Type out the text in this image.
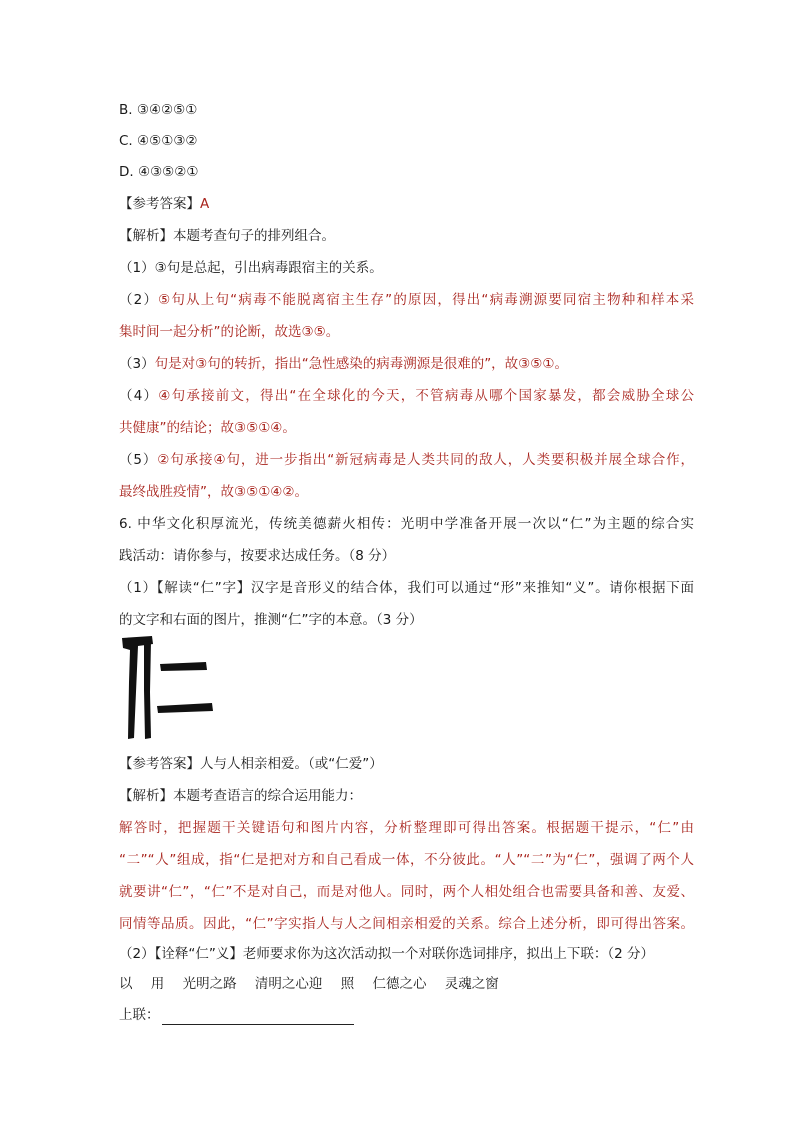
B. ③④②⑤①
C. ④⑤①③②
D. ④③⑤②①
【参考答案】A
【解析】本题考查句子的排列组合。
（1）③句是总起，引出病毒跟宿主的关系。
（2）⑤句从上句“病毒不能脱离宿主生存”的原因，得出“病毒溯源要同宿主物种和样本采
集时间一起分析”的论断，故选③⑤。
（3）句是对③句的转折，指出“急性感染的病毒溯源是很难的”，故③⑤①。
（4）④句承接前文，得出“在全球化的今天，不管病毒从哪个国家暴发，都会威胁全球公
共健康”的结论；故③⑤①④。
（5）②句承接④句，进一步指出“新冠病毒是人类共同的敌人，人类要积极并展全球合作，
最终战胜疫情”，故③⑤①④②。
6. 中华文化积厚流光，传统美德薪火相传：光明中学准备开展一次以“仁”为主题的综合实
践活动：请你参与，按要求达成任务。（8 分）
（1）【解读“仁”字】汉字是音形义的结合体，我们可以通过“形”来推知“义”。请你根据下面
的文字和右面的图片，推测“仁”字的本意。（3 分）
【参考答案】人与人相亲相爱。（或“仁爱”）
【解析】本题考查语言的综合运用能力：
解答时，把握题干关键语句和图片内容，分析整理即可得出答案。根据题干提示，“仁”由
“二”“人”组成，指“仁是把对方和自己看成一体，不分彼此。“人”“二”为“仁”，强调了两个人
就要讲“仁”，“仁”不是对自己，而是对他人。同时，两个人相处组合也需要具备和善、友爱、
同情等品质。因此，“仁”字实指人与人之间相亲相爱的关系。综合上述分析，即可得出答案。
（2）【诠释“仁”义】老师要求你为这次活动拟一个对联你选词排序，拟出上下联：（2 分）
以 用 光明之路 清明之心迎 照 仁德之心 灵魂之窗
上联：
